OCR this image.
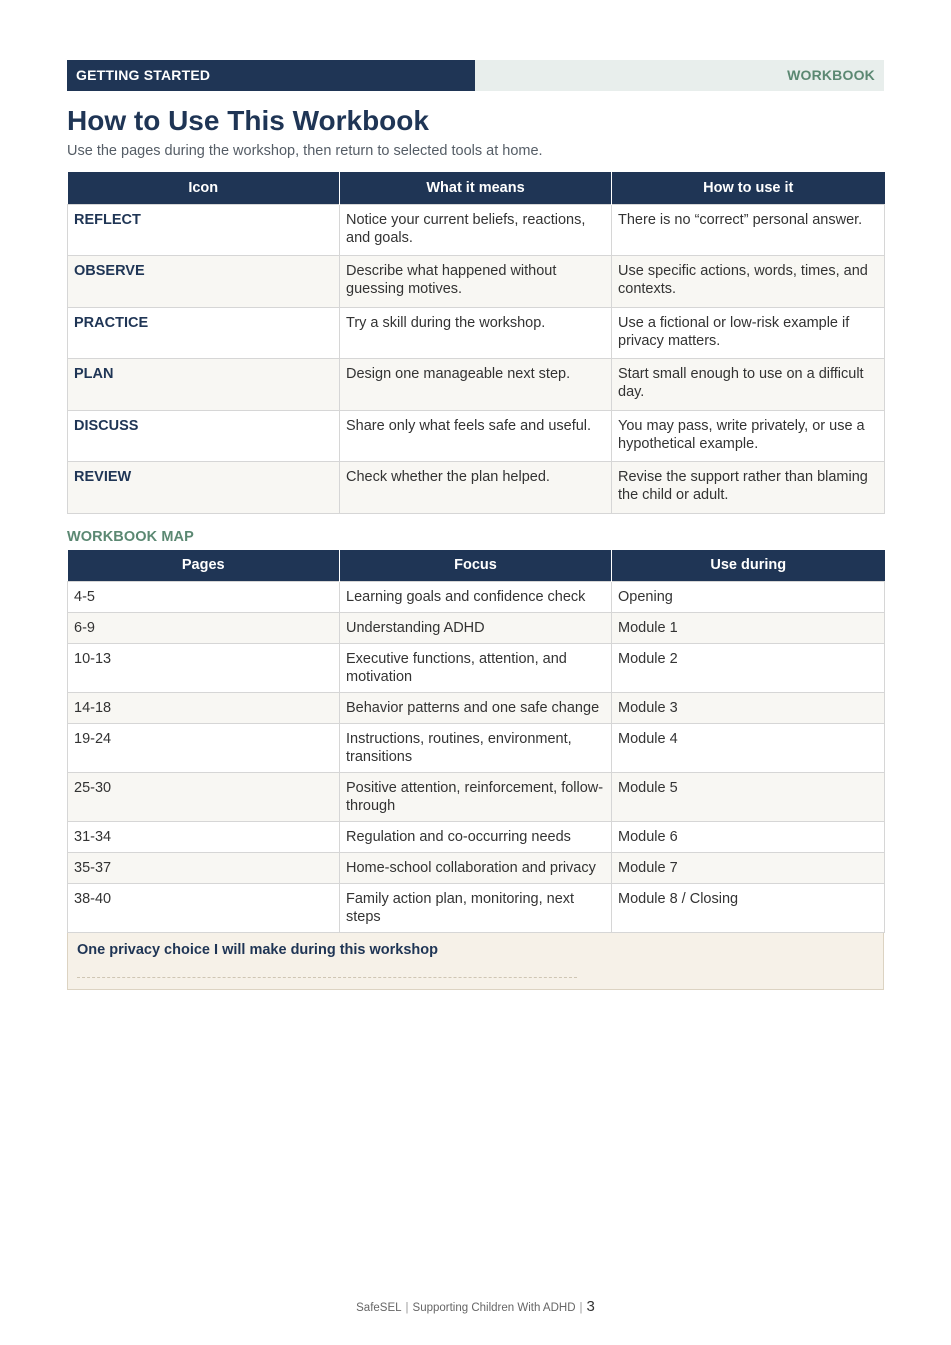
GETTING STARTED	WORKBOOK
How to Use This Workbook

Use the pages during the workshop, then return to selected tools at home.

Icon	What it means	How to use it
REFLECT	Notice your current beliefs, reactions, and goals.	There is no “correct” personal answer.
OBSERVE	Describe what happened without guessing motives.	Use specific actions, words, times, and contexts.
PRACTICE	Try a skill during the workshop.	Use a fictional or low-risk example if privacy matters.
PLAN	Design one manageable next step.	Start small enough to use on a difficult day.
DISCUSS	Share only what feels safe and useful.	You may pass, write privately, or use a hypothetical example.
REVIEW	Check whether the plan helped.	Revise the support rather than blaming the child or adult.
WORKBOOK MAP
Pages	Focus	Use during
4-5	Learning goals and confidence check	Opening
6-9	Understanding ADHD	Module 1
10-13	Executive functions, attention, and motivation	Module 2
14-18	Behavior patterns and one safe change	Module 3
19-24	Instructions, routines, environment, transitions	Module 4
25-30	Positive attention, reinforcement, follow-through	Module 5
31-34	Regulation and co-occurring needs	Module 6
35-37	Home-school collaboration and privacy	Module 7
38-40	Family action plan, monitoring, next steps	Module 8 / Closing
One privacy choice I will make during this workshop
SafeSEL | Supporting Children With ADHD | 3
